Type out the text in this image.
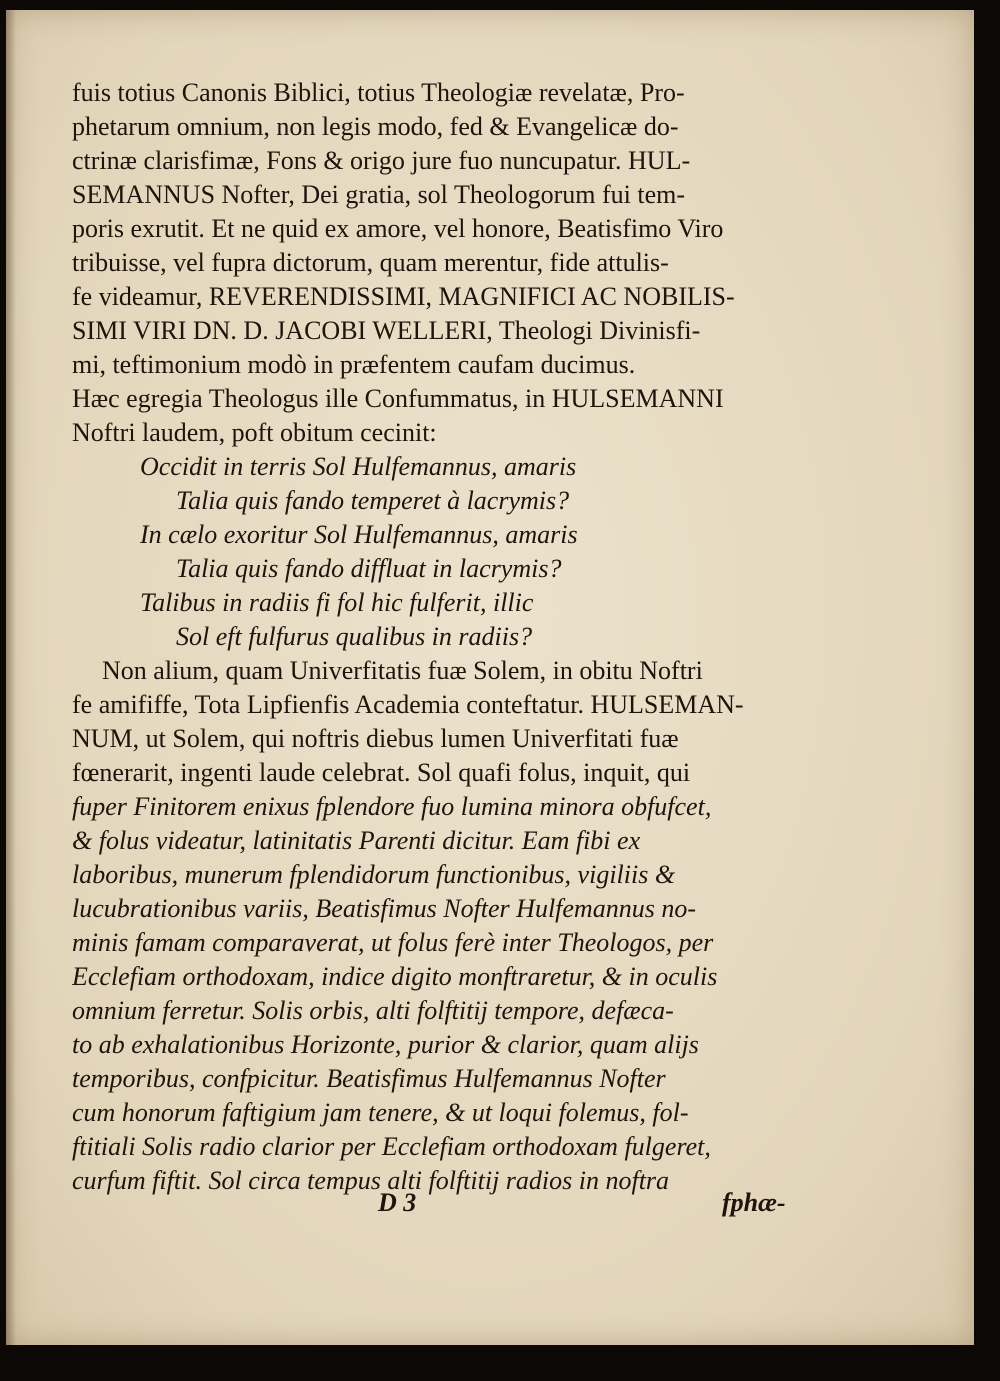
fuis totius Canonis Biblici, totius Theologiæ revelatæ, Pro-
phetarum omnium, non legis modo, fed & Evangelicæ do-
ctrinæ clarisfimæ, Fons & origo jure fuo nuncupatur. HUL-
SEMANNUS Nofter, Dei gratia, sol Theologorum fui tem-
poris exrutit. Et ne quid ex amore, vel honore, Beatisfimo Viro
tribuisse, vel fupra dictorum, quam merentur, fide attulis-
fe videamur, REVERENDISSIMI, MAGNIFICI AC NOBILIS-
SIMI VIRI DN. D. JACOBI WELLERI, Theologi Divinisfi-
mi, teftimonium modò in præfentem caufam ducimus.
Hæc egregia Theologus ille Confummatus, in HULSEMANNI
Noftri laudem, poft obitum cecinit:
Occidit in terris Sol Hulfemannus, amaris
Talia quis fando temperet à lacrymis?
In cælo exoritur Sol Hulfemannus, amaris
Talia quis fando diffluat in lacrymis?
Talibus in radiis fi fol hic fulferit, illic
Sol eft fulfurus qualibus in radiis?
Non alium, quam Univerfitatis fuæ Solem, in obitu Noftri
fe amififfe, Tota Lipfienfis Academia conteftatur. HULSEMAN-
NUM, ut Solem, qui noftris diebus lumen Univerfitati fuæ
fœnerarit, ingenti laude celebrat. Sol quafi folus, inquit, qui
fuper Finitorem enixus fplendore fuo lumina minora obfufcet,
& folus videatur, latinitatis Parenti dicitur. Eam fibi ex
laboribus, munerum fplendidorum functionibus, vigiliis &
lucubrationibus variis, Beatisfimus Nofter Hulfemannus no-
minis famam comparaverat, ut folus ferè inter Theologos, per
Ecclefiam orthodoxam, indice digito monftraretur, & in oculis
omnium ferretur. Solis orbis, alti folftitij tempore, defæca-
to ab exhalationibus Horizonte, purior & clarior, quam alijs
temporibus, confpicitur. Beatisfimus Hulfemannus Nofter
cum honorum faftigium jam tenere, & ut loqui folemus, fol-
ftitiali Solis radio clarior per Ecclefiam orthodoxam fulgeret,
curfum fiftit. Sol circa tempus alti folftitij radios in noftra
D 3	fphæ-
